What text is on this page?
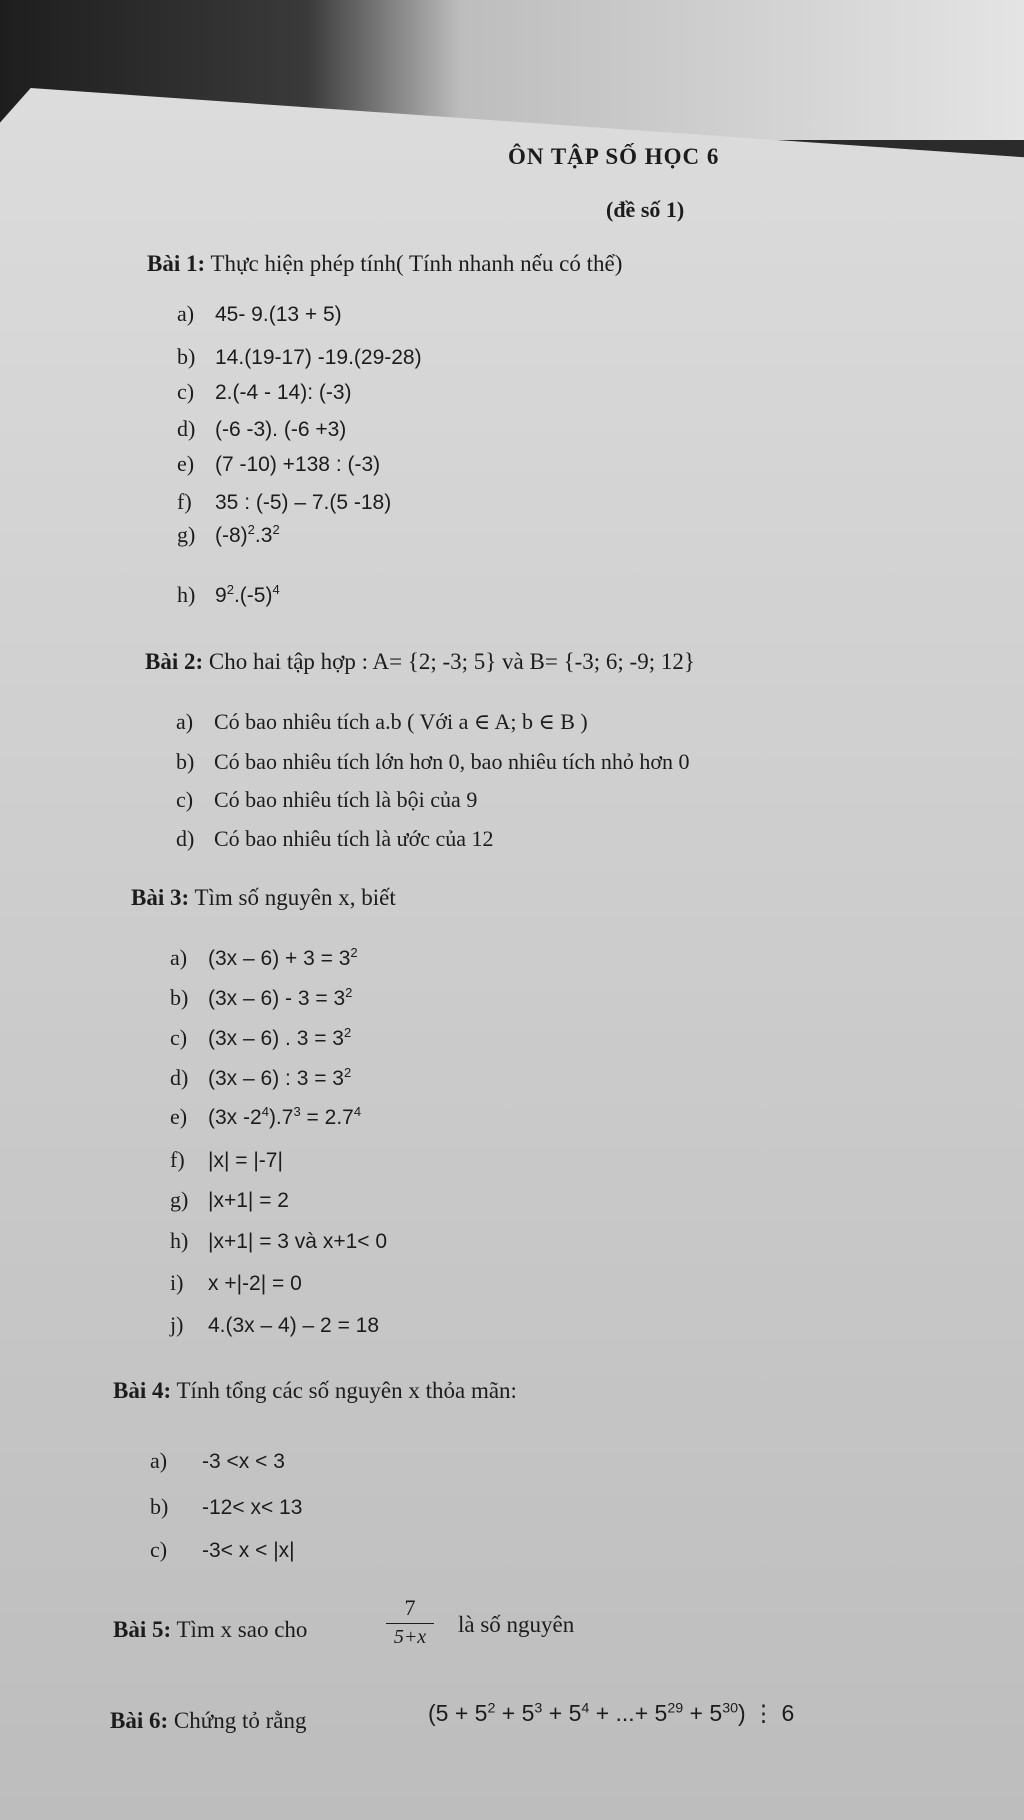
ÔN TẬP SỐ HỌC 6
(đề số 1)
Bài 1: Thực hiện phép tính( Tính nhanh nếu có thể)
a) 45- 9.(13 + 5)
b) 14.(19-17) -19.(29-28)
c) 2.(-4 - 14): (-3)
d) (-6 -3). (-6 +3)
e) (7 -10) +138 : (-3)
f) 35 : (-5) – 7.(5 -18)
g) $(-8)^2.3^2$
h) $9^2.(-5)^4$
Bài 2: Cho hai tập hợp : A= {2; -3; 5} và B= {-3; 6; -9; 12}
a) Có bao nhiêu tích a.b ( Với a ∈ A; b ∈ B )
b) Có bao nhiêu tích lớn hơn 0, bao nhiêu tích nhỏ hơn 0
c) Có bao nhiêu tích là bội của 9
d) Có bao nhiêu tích là ước của 12
Bài 3: Tìm số nguyên x, biết
a) $(3x - 6) + 3 = 3^2$
b) $(3x - 6) - 3 = 3^2$
c) (3x – 6) . $3 = 3^2$
d) (3x – 6) : $3 = 3^2$
e) (3x $-2^4).7^3 = 2.7^4$
f) |x| = |-7|
g) |x+1| = 2
h) |x+1| = 3 và x+1< 0
i) x +|-2| = 0
j) 4.(3x – 4) – 2 = 18
Bài 4: Tính tổng các số nguyên x thỏa mãn:
a) -3 <x < 3
b) -12< x< 13
c) -3< x < |x|
Bài 5: Tìm x sao cho	$\frac{7}{5+x}$ là số nguyên
Bài 6: Chứng tỏ rằng	($5 + 5^2 + 5^3 + 5^4$ + ...+ $5^{29} + 5^{30}$) ⋮ 6
